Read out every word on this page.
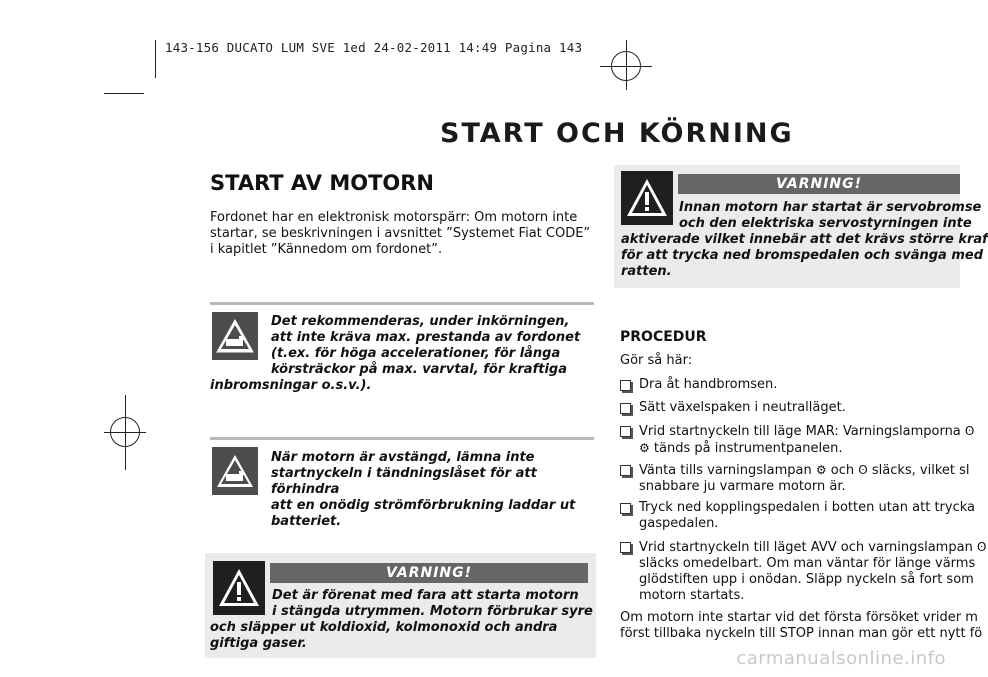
143-156 DUCATO LUM SVE 1ed 24-02-2011 14:49 Pagina 143
START OCH KÖRNING
START AV MOTORN
Fordonet har en elektronisk motorspärr: Om motorn inte
startar, se beskrivningen i avsnittet ”Systemet Fiat CODE”
i kapitlet ”Kännedom om fordonet”.
Det rekommenderas, under inkörningen,
att inte kräva max. prestanda av fordonet
(t.ex. för höga accelerationer, för långa
körsträckor på max. varvtal, för kraftiga
inbromsningar o.s.v.).
När motorn är avstängd, lämna inte
startnyckeln i tändningslåset för att förhindra
att en onödig strömförbrukning laddar ut
batteriet.
VARNING!
Det är förenat med fara att starta motorn
i stängda utrymmen. Motorn förbrukar syre
och släpper ut koldioxid, kolmonoxid och andra
giftiga gaser.
VARNING!
Innan motorn har startat är servobromse
och den elektriska servostyrningen inte
aktiverade vilket innebär att det krävs större kraf
för att trycka ned bromspedalen och svänga med
ratten.
PROCEDUR
Gör så här:
Dra åt handbromsen.
Sätt växelspaken i neutralläget.
Vrid startnyckeln till läge MAR: Varningslamporna ʘ
⚙ tänds på instrumentpanelen.
Vänta tills varningslampan ⚙ och ʘ släcks, vilket sl
snabbare ju varmare motorn är.
Tryck ned kopplingspedalen i botten utan att trycka
gaspedalen.
Vrid startnyckeln till läget AVV och varningslampan ʘ
släcks omedelbart. Om man väntar för länge värms
glödstiften upp i onödan. Släpp nyckeln så fort som
motorn startats.
Om motorn inte startar vid det första försöket vrider m
först tillbaka nyckeln till STOP innan man gör ett nytt fö
carmanualsonline.info
